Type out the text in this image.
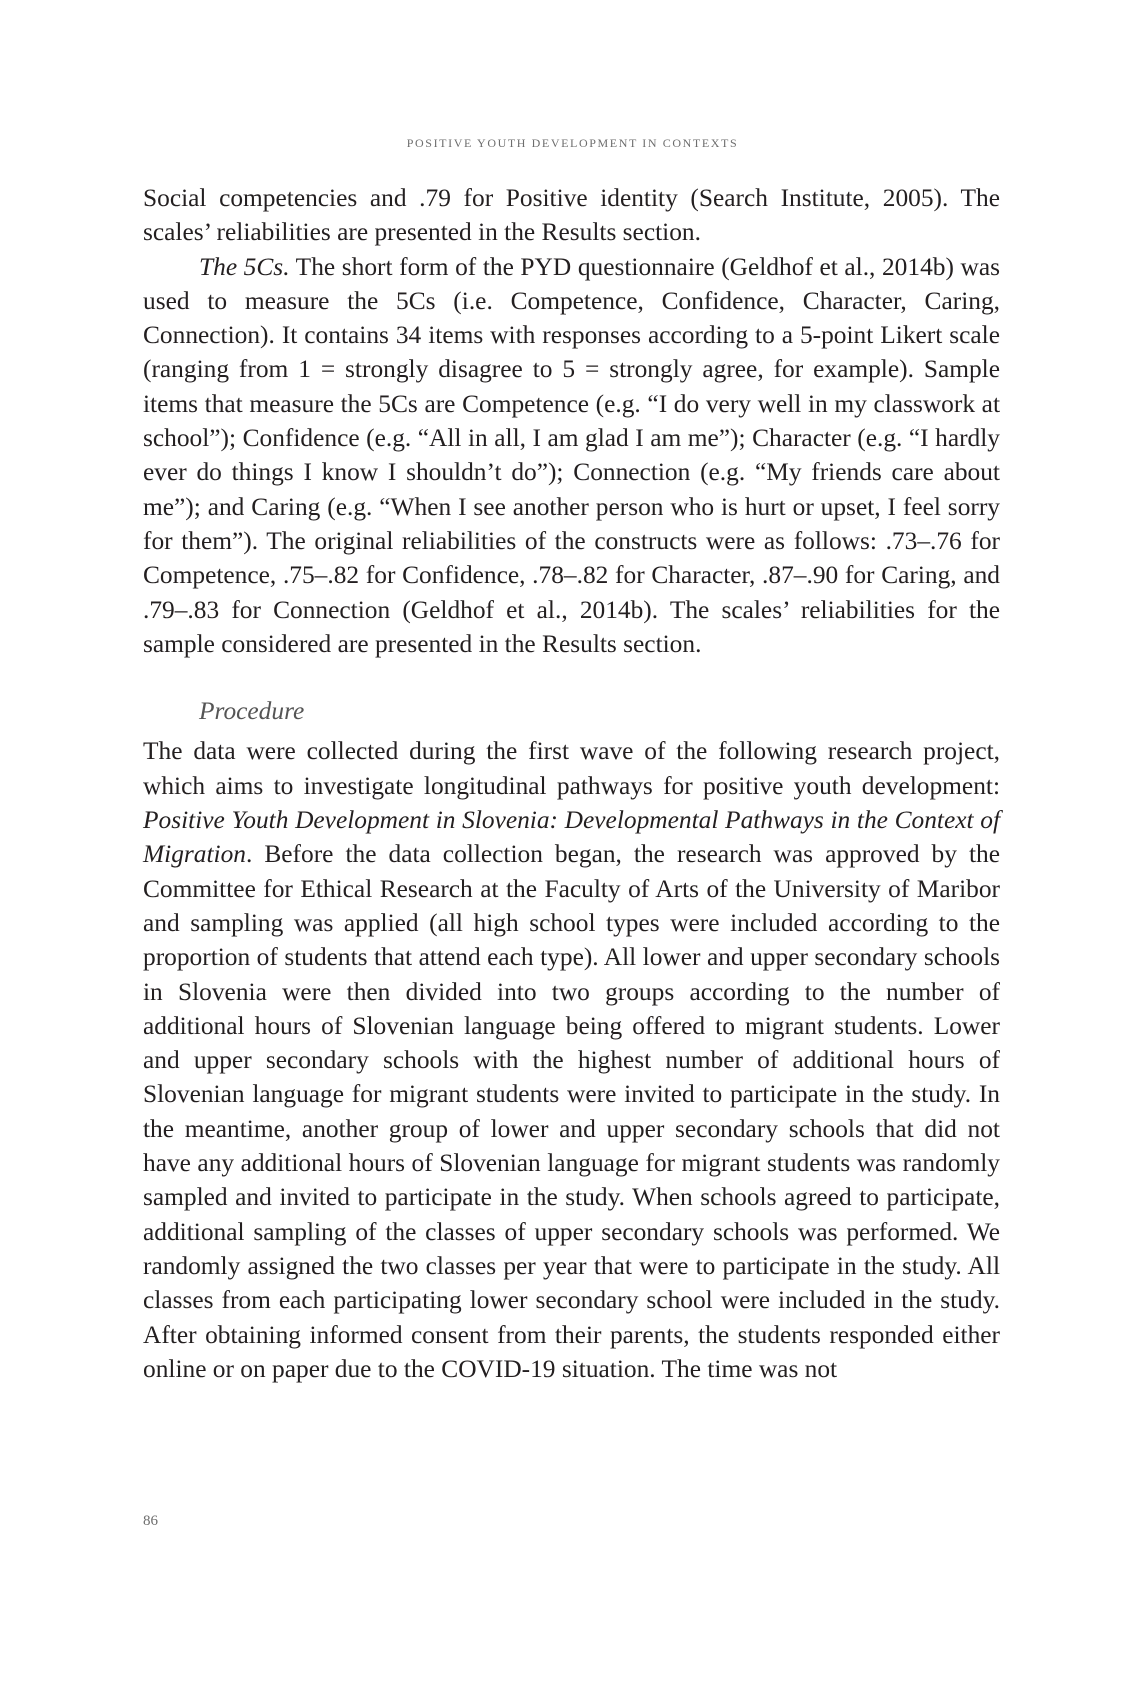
POSITIVE YOUTH DEVELOPMENT IN CONTEXTS

Social competencies and .79 for Positive identity (Search Institute, 2005). The scales’ reliabilities are presented in the Results section.

The 5Cs. The short form of the PYD questionnaire (Geldhof et al., 2014b) was used to measure the 5Cs (i.e. Competence, Confidence, Character, Caring, Connection). It contains 34 items with responses according to a 5-point Likert scale (ranging from 1 = strongly disagree to 5 = strongly agree, for example). Sample items that measure the 5Cs are Competence (e.g. “I do very well in my classwork at school”); Confidence (e.g. “All in all, I am glad I am me”); Character (e.g. “I hardly ever do things I know I shouldn’t do”); Connection (e.g. “My friends care about me”); and Caring (e.g. “When I see another person who is hurt or upset, I feel sorry for them”). The original reliabilities of the constructs were as follows: .73–.76 for Competence, .75–.82 for Confidence, .78–.82 for Character, .87–.90 for Caring, and .79–.83 for Connection (Geldhof et al., 2014b). The scales’ reliabilities for the sample considered are presented in the Results section.

Procedure

The data were collected during the first wave of the following research project, which aims to investigate longitudinal pathways for positive youth development: Positive Youth Development in Slovenia: Developmental Pathways in the Context of Migration. Before the data collection began, the research was approved by the Committee for Ethical Research at the Faculty of Arts of the University of Maribor and sampling was applied (all high school types were included according to the proportion of students that attend each type). All lower and upper secondary schools in Slovenia were then divided into two groups according to the number of additional hours of Slovenian language being offered to migrant students. Lower and upper secondary schools with the highest number of additional hours of Slovenian language for migrant students were invited to participate in the study. In the meantime, another group of lower and upper secondary schools that did not have any additional hours of Slovenian language for migrant students was randomly sampled and invited to participate in the study. When schools agreed to participate, additional sampling of the classes of upper secondary schools was performed. We randomly assigned the two classes per year that were to participate in the study. All classes from each participating lower secondary school were included in the study. After obtaining informed consent from their parents, the students responded either online or on paper due to the COVID-19 situation. The time was not

86
